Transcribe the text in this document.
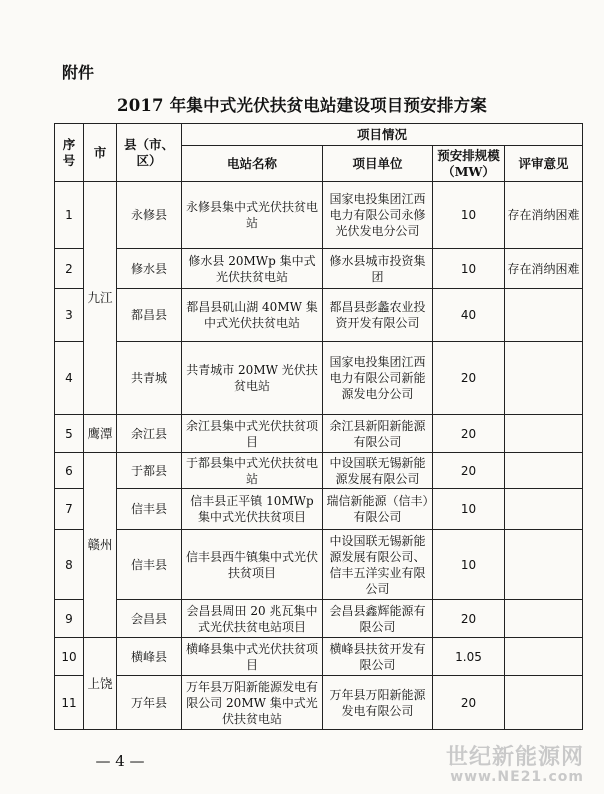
附件
2017 年集中式光伏扶贫电站建设项目预安排方案
序号	市	县（市、区）	项目情况			
			电站名称	项目单位	预安排规模（MW）	评审意见
1	九江	永修县	永修县集中式光伏扶贫电站	国家电投集团江西电力有限公司永修光伏发电分公司	10	存在消纳困难
2		修水县	修水县 20MWp 集中式光伏扶贫电站	修水县城市投资集团	10	存在消纳困难
3		都昌县	都昌县矶山湖 40MW 集中式光伏扶贫电站	都昌县彭蠡农业投资开发有限公司	40	
4		共青城	共青城市 20MW 光伏扶贫电站	国家电投集团江西电力有限公司新能源发电分公司	20	
5	鹰潭	余江县	余江县集中式光伏扶贫项目	余江县新阳新能源有限公司	20	
6	赣州	于都县	于都县集中式光伏扶贫电站	中设国联无锡新能源发展有限公司	20	
7		信丰县	信丰县正平镇 10MWp 集中式光伏扶贫项目	瑞信新能源（信丰）有限公司	10	
8		信丰县	信丰县西牛镇集中式光伏扶贫项目	中设国联无锡新能源发展有限公司、信丰五洋实业有限公司	10	
9		会昌县	会昌县周田 20 兆瓦集中式光伏扶贫电站项目	会昌县鑫辉能源有限公司	20	
10	上饶	横峰县	横峰县集中式光伏扶贫项目	横峰县扶贫开发有限公司	1.05	
11		万年县	万年县万阳新能源发电有限公司 20MW 集中式光伏扶贫电站	万年县万阳新能源发电有限公司	20	
— 4 —	世纪新能源网
www.NE21.com
